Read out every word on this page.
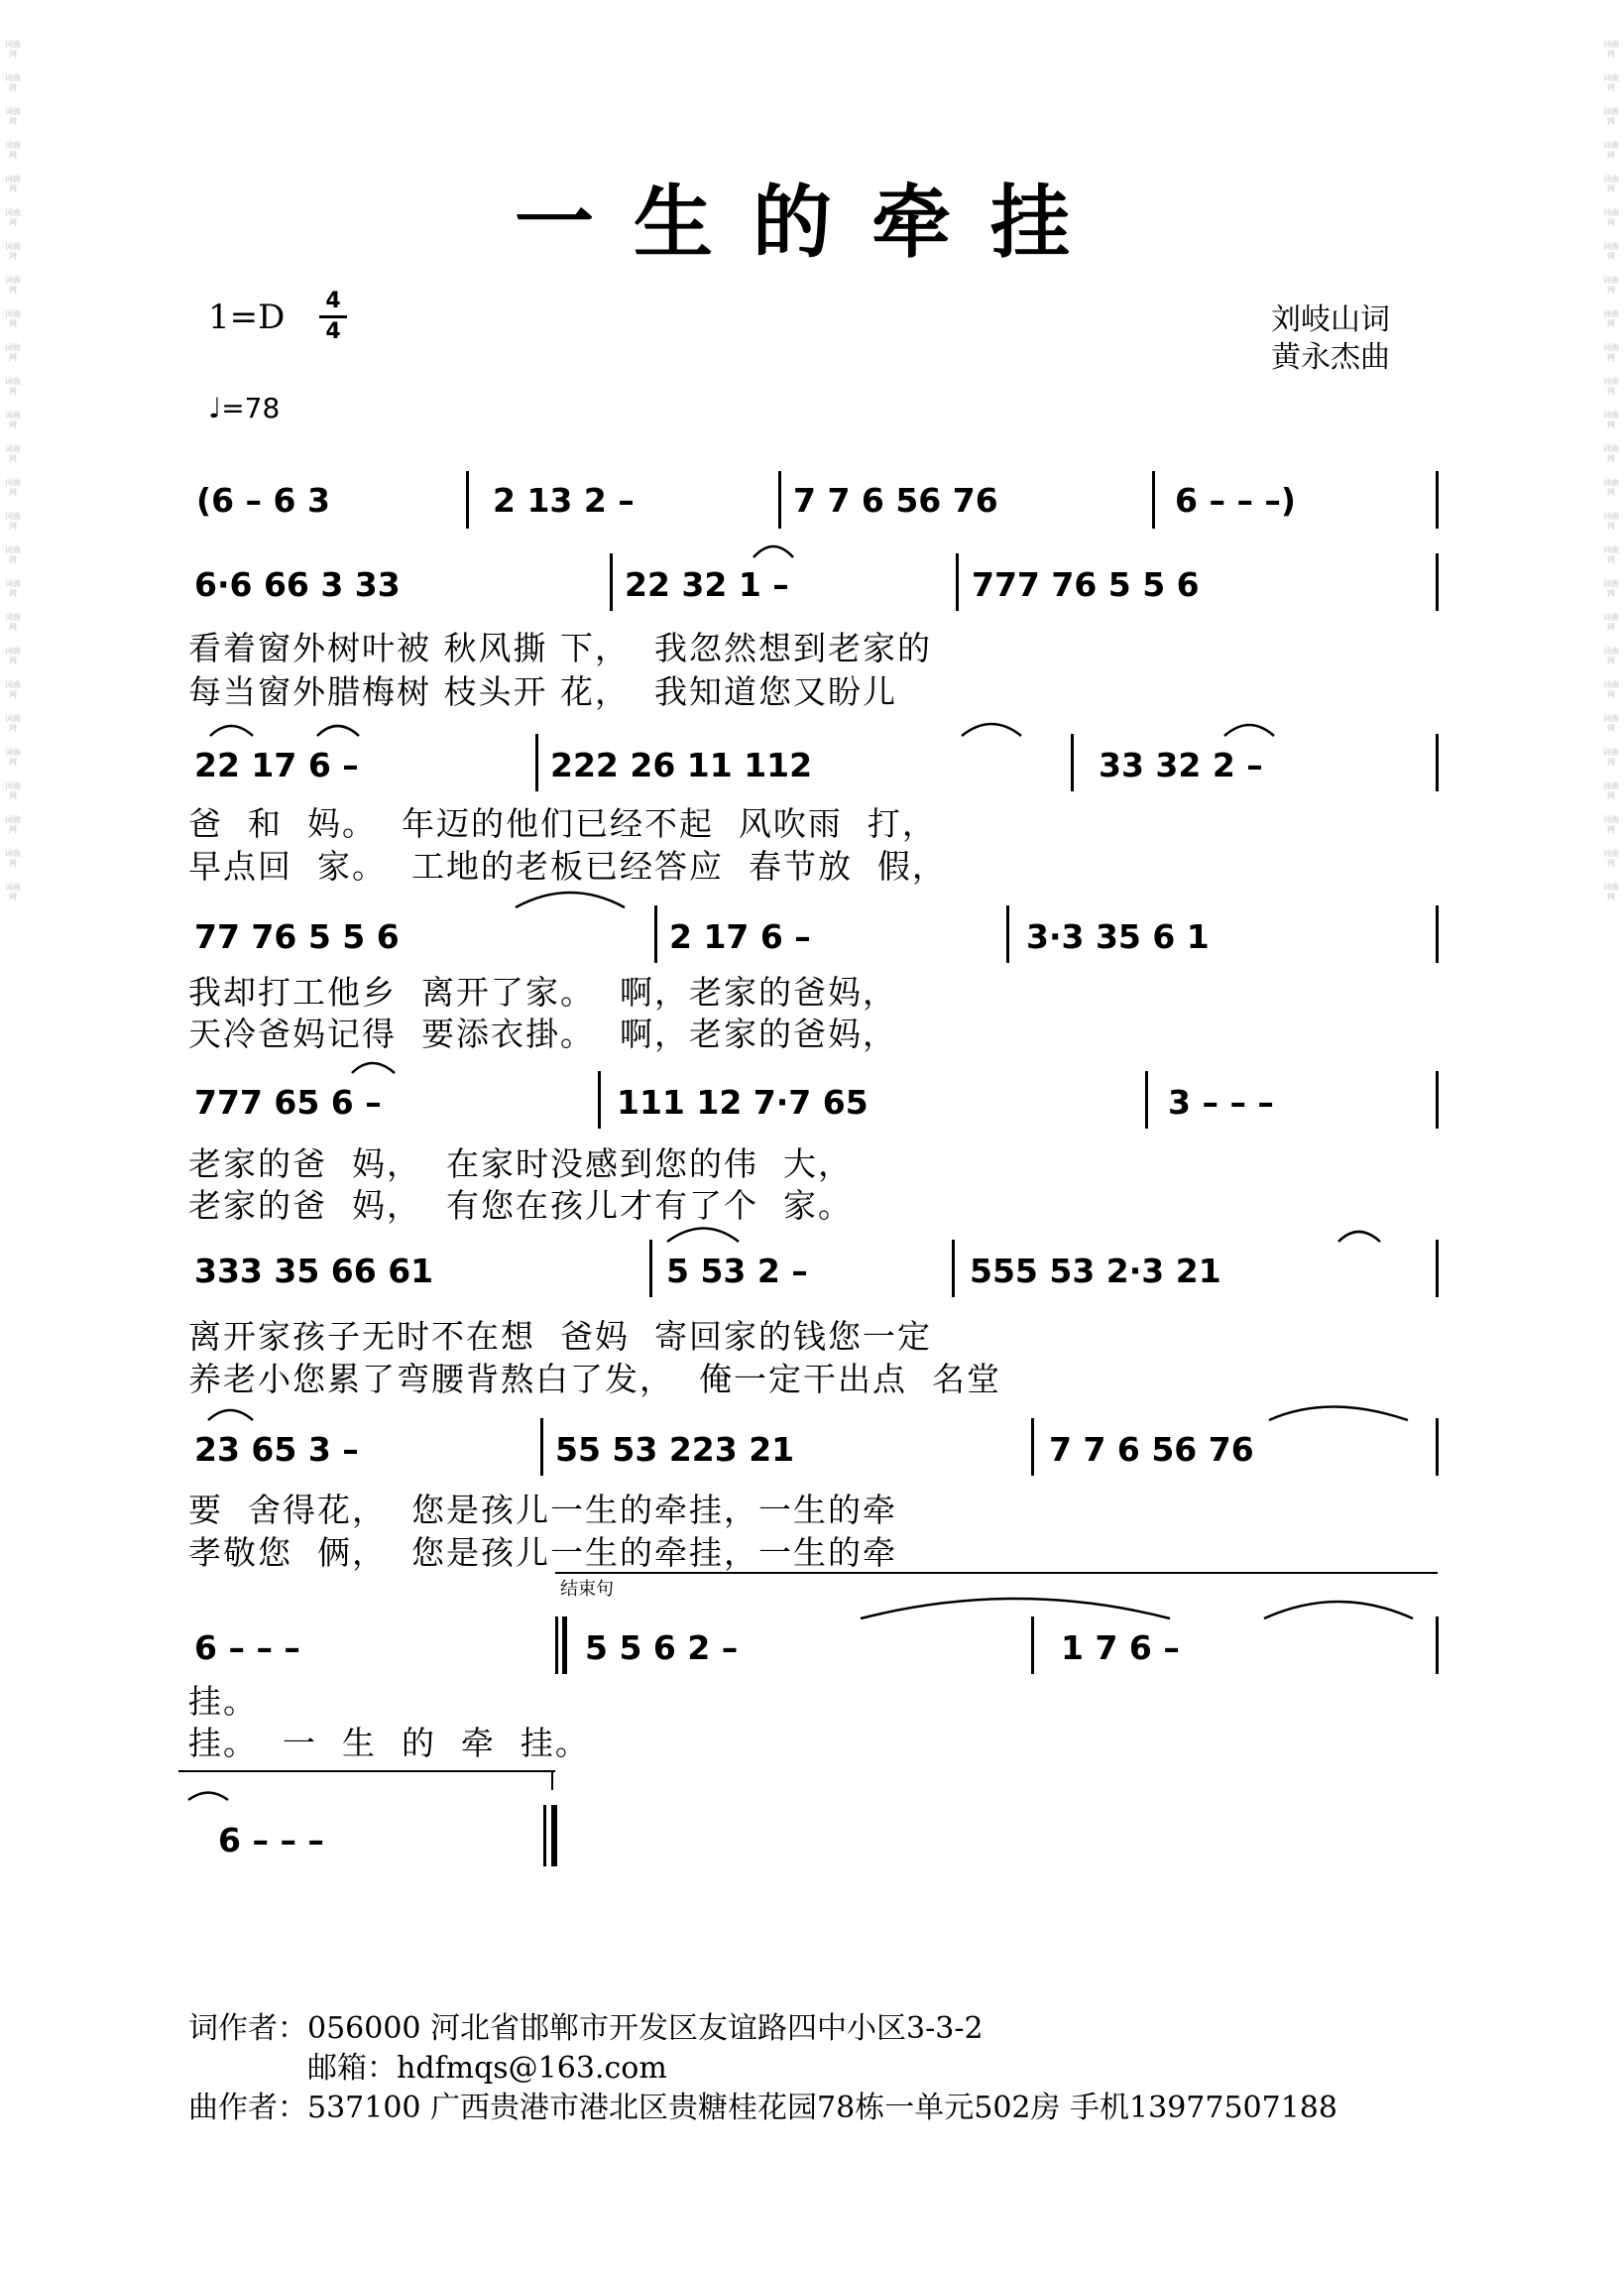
词曲网
词曲网
词曲网
词曲网
词曲网
词曲网
词曲网
词曲网
词曲网
词曲网
词曲网
词曲网
词曲网
词曲网
词曲网
词曲网
词曲网
词曲网
词曲网
词曲网
词曲网
词曲网
词曲网
词曲网
词曲网
词曲网
词曲网
词曲网
词曲网
词曲网
词曲网
词曲网
词曲网
词曲网
词曲网
词曲网
词曲网
词曲网
词曲网
词曲网
词曲网
词曲网
词曲网
词曲网
词曲网
词曲网
词曲网
词曲网
词曲网
词曲网
词曲网
词曲网
一生的牵挂
1=D 4
4
♩=78
刘岐山词
黄永杰曲
(6 – 6 3	2 13 2 –	7 7 6 56 76	6 – – –)
6·6 66 3 33	22 32 1 –	777 76 5 5 6
看着窗外树叶被 秋风撕 下，  我忽然想到老家的
每当窗外腊梅树 枝头开 花，  我知道您又盼儿
22 17 6 –	222 26 11 112	33 32 2 –
爸  和  妈。  年迈的他们已经不起  风吹雨  打，
早点回  家。  工地的老板已经答应  春节放  假，
77 76 5 5 6	2 17 6 –	3·3 35 6 1
我却打工他乡  离开了家。  啊，老家的爸妈，
天冷爸妈记得  要添衣掛。  啊，老家的爸妈，
777 65 6 –	111 12 7·7 65	3 – – –
老家的爸  妈，  在家时没感到您的伟  大，
老家的爸  妈，  有您在孩儿才有了个  家。
333 35 66 61	5 53 2 –	555 53 2·3 21
离开家孩子无时不在想  爸妈  寄回家的钱您一定
养老小您累了弯腰背熬白了发，  俺一定干出点  名堂
23 65 3 –	55 53 223 21	7 7 6 56 76
要  舍得花，  您是孩儿一生的牵挂，一生的牵
孝敬您  俩，  您是孩儿一生的牵挂，一生的牵
结束句
6 – – –	5 5 6 2 –	1 7 6 –
挂。
挂。  一  生  的  牵  挂。
6 – – –
词作者：056000 河北省邯郸市开发区友谊路四中小区3-3-2
邮箱：hdfmqs@163.com
曲作者：537100 广西贵港市港北区贵糖桂花园78栋一单元502房 手机13977507188
